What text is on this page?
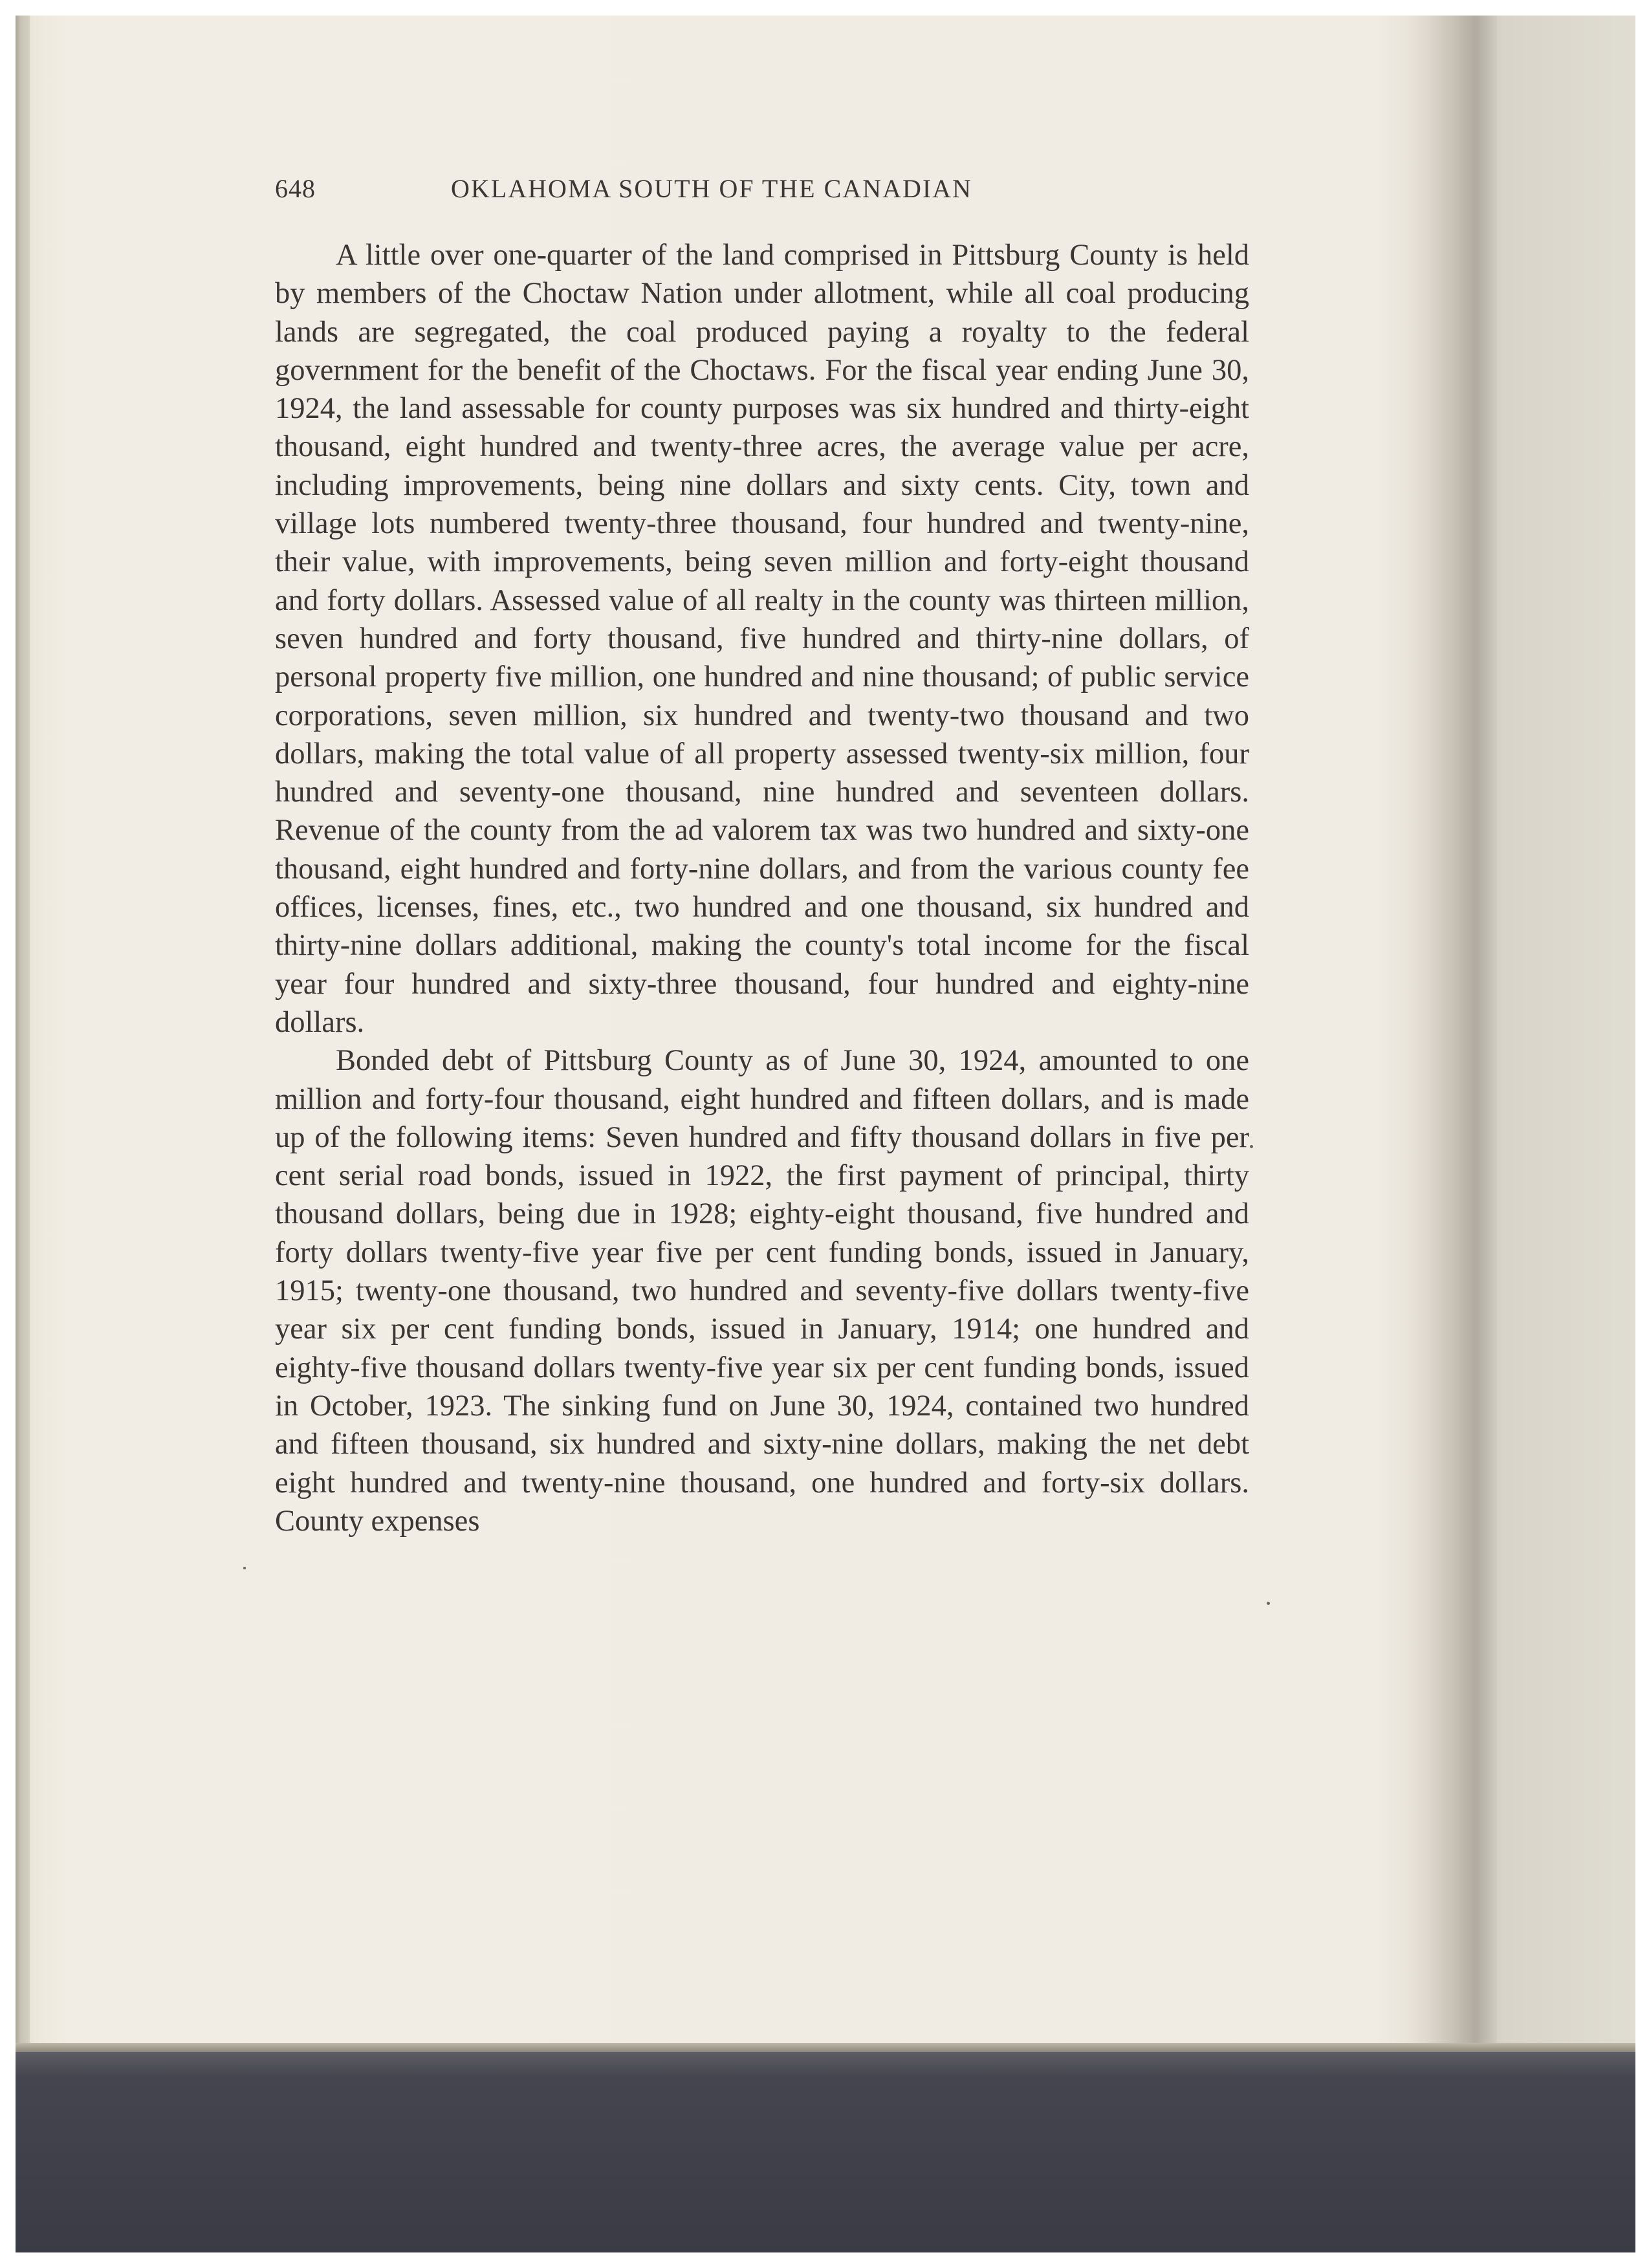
648	OKLAHOMA SOUTH OF THE CANADIAN

A little over one-quarter of the land comprised in Pittsburg County is held by members of the Choctaw Nation under allotment, while all coal producing lands are segregated, the coal produced paying a royalty to the federal government for the benefit of the Choctaws. For the fiscal year ending June 30, 1924, the land assessable for county purposes was six hundred and thirty-eight thousand, eight hundred and twenty-three acres, the average value per acre, including improvements, being nine dollars and sixty cents. City, town and village lots numbered twenty-three thousand, four hundred and twenty-nine, their value, with improvements, being seven million and forty-eight thousand and forty dollars. Assessed value of all realty in the county was thirteen million, seven hundred and forty thousand, five hundred and thirty-nine dollars, of personal property five million, one hundred and nine thousand; of public service corporations, seven million, six hundred and twenty-two thousand and two dollars, making the total value of all property assessed twenty-six million, four hundred and seventy-one thousand, nine hundred and seventeen dollars. Revenue of the county from the ad valorem tax was two hundred and sixty-one thousand, eight hundred and forty-nine dollars, and from the various county fee offices, licenses, fines, etc., two hundred and one thousand, six hundred and thirty-nine dollars additional, making the county's total income for the fiscal year four hundred and sixty-three thousand, four hundred and eighty-nine dollars.

Bonded debt of Pittsburg County as of June 30, 1924, amounted to one million and forty-four thousand, eight hundred and fifteen dollars, and is made up of the following items: Seven hundred and fifty thousand dollars in five per cent serial road bonds, issued in 1922, the first payment of principal, thirty thousand dollars, being due in 1928; eighty-eight thousand, five hundred and forty dollars twenty-five year five per cent funding bonds, issued in January, 1915; twenty-one thousand, two hundred and seventy-five dollars twenty-five year six per cent funding bonds, issued in January, 1914; one hundred and eighty-five thousand dollars twenty-five year six per cent funding bonds, issued in October, 1923. The sinking fund on June 30, 1924, contained two hundred and fifteen thousand, six hundred and sixty-nine dollars, making the net debt eight hundred and twenty-nine thousand, one hundred and forty-six dollars. County expenses
